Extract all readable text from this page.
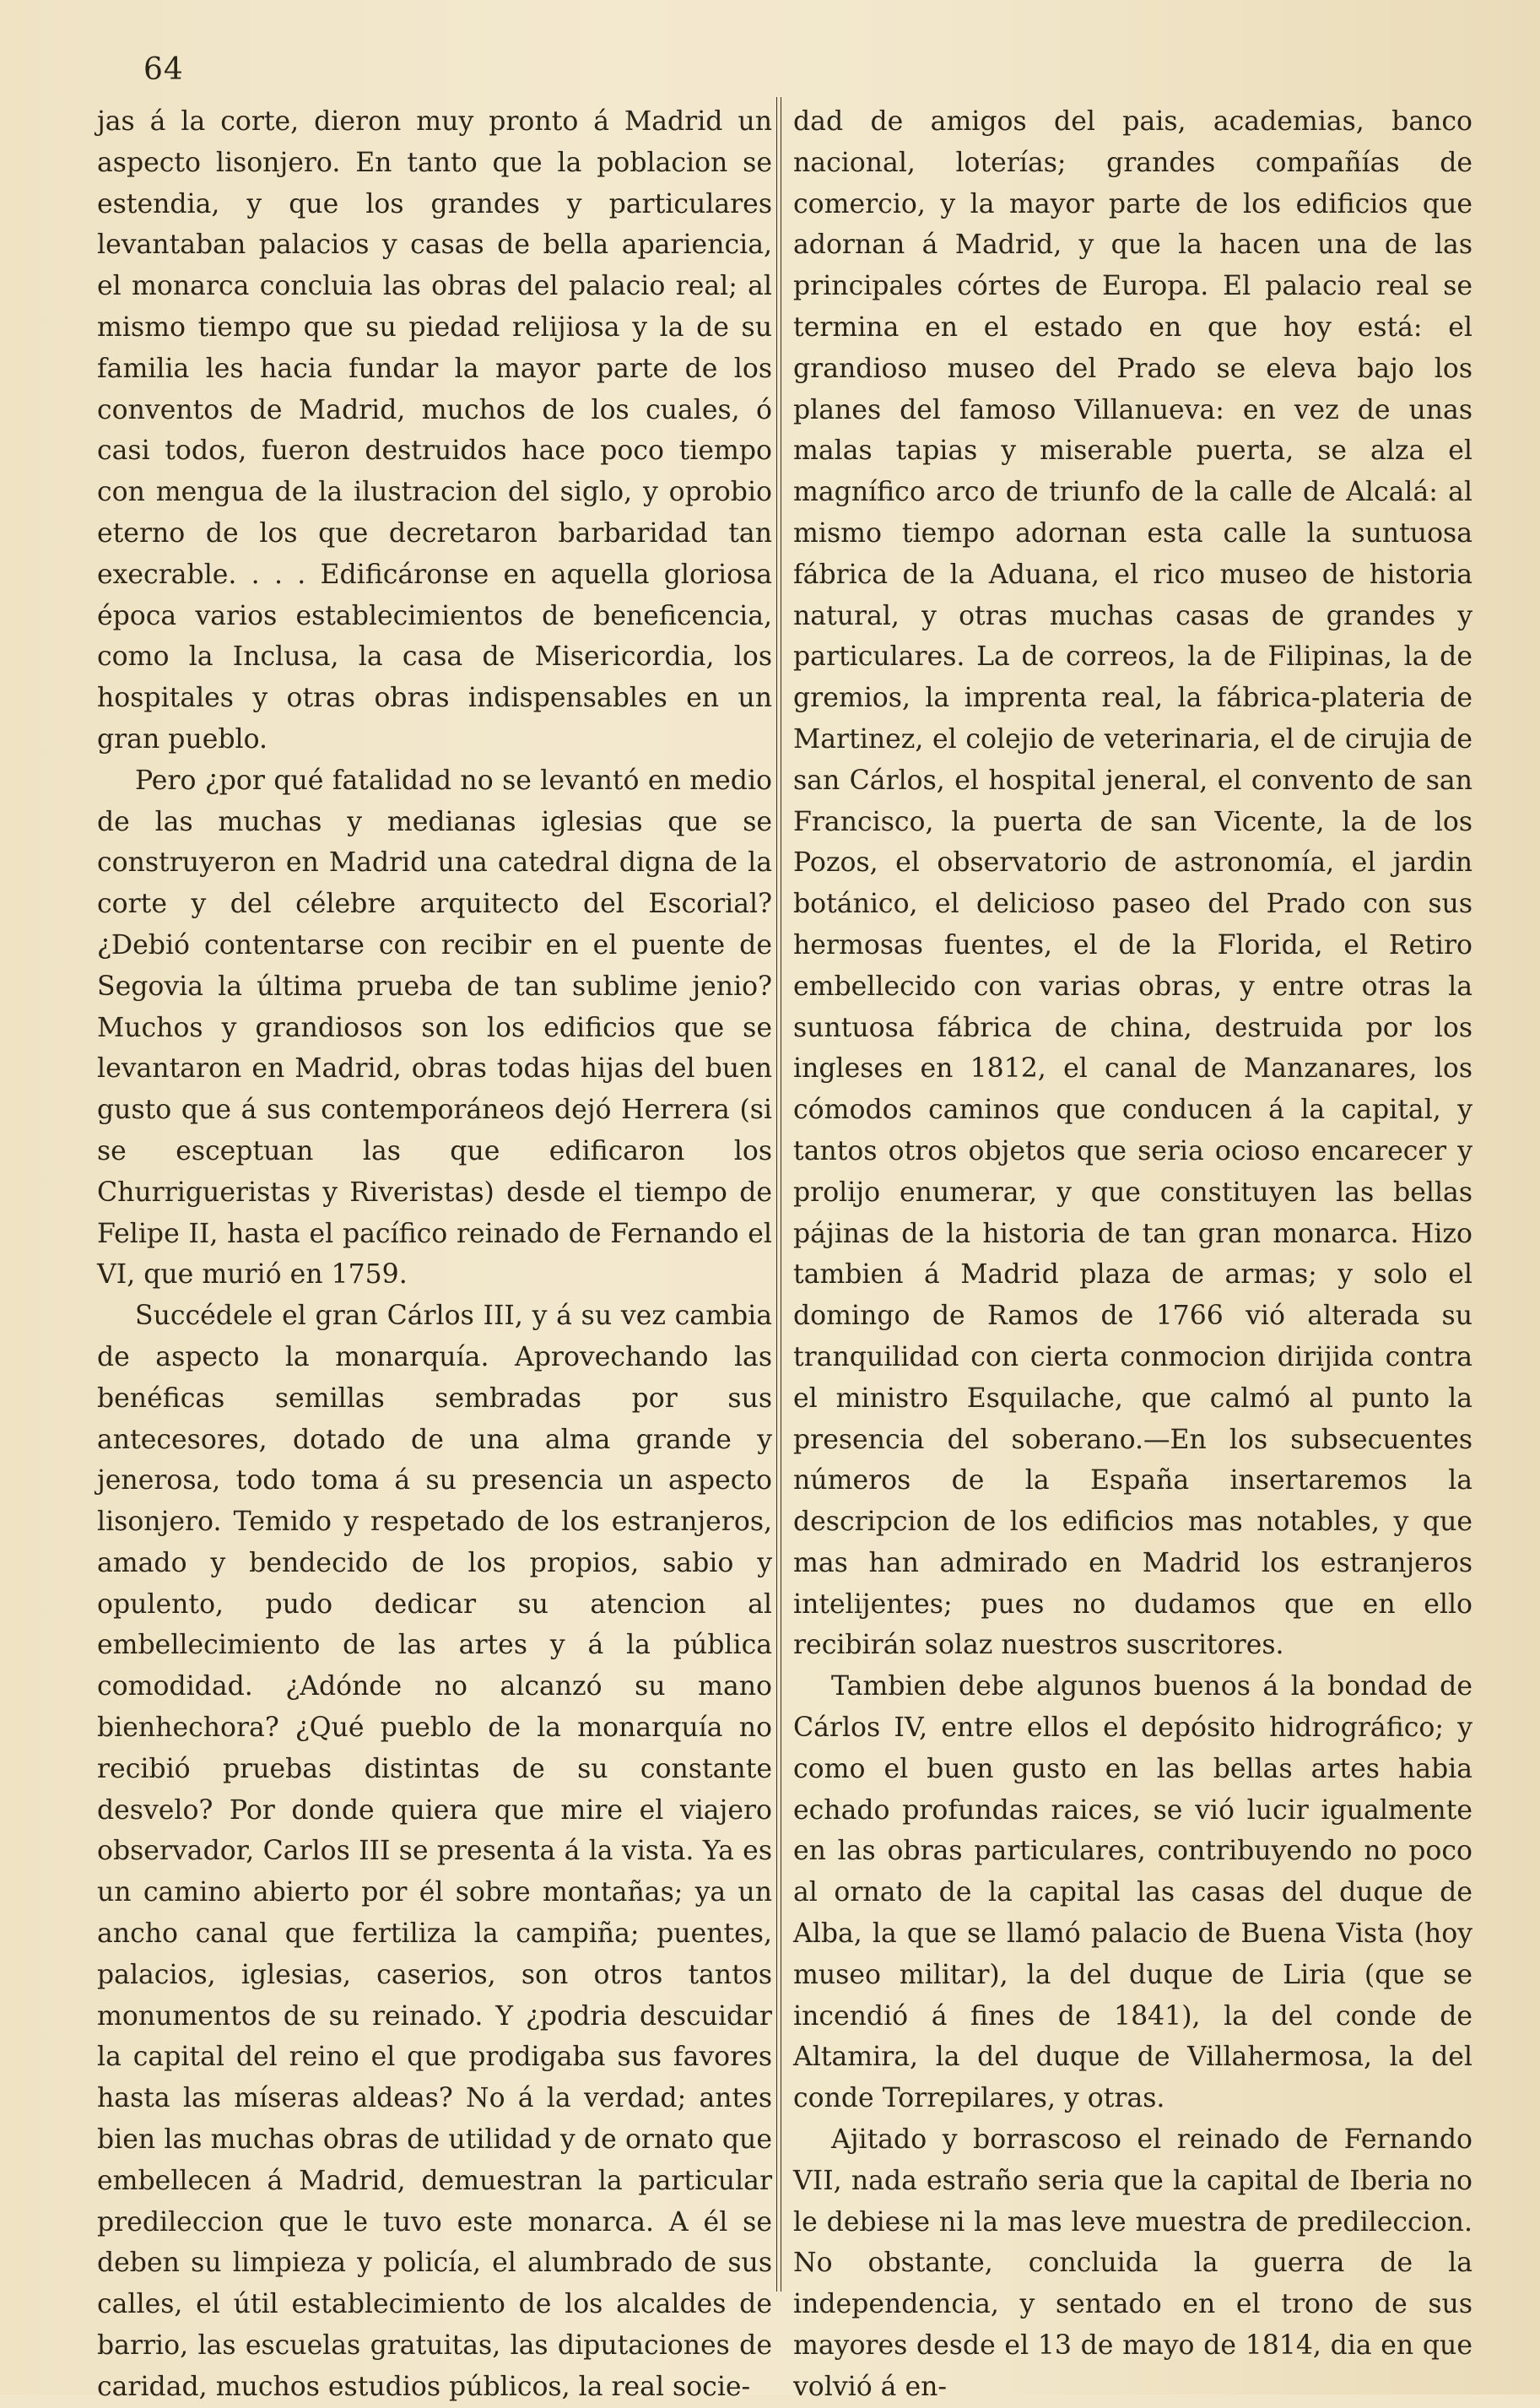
64

jas á la corte, dieron muy pronto á Madrid un aspecto lisonjero. En tanto que la poblacion se estendia, y que los grandes y particulares levantaban palacios y casas de bella apariencia, el monarca concluia las obras del palacio real; al mismo tiempo que su piedad relijiosa y la de su familia les hacia fundar la mayor parte de los conventos de Madrid, muchos de los cuales, ó casi todos, fueron destruidos hace poco tiempo con mengua de la ilustracion del siglo, y oprobio eterno de los que decretaron barbaridad tan execrable. . . . Edificáronse en aquella gloriosa época varios establecimientos de beneficencia, como la Inclusa, la casa de Misericordia, los hospitales y otras obras indispensables en un gran pueblo.

Pero ¿por qué fatalidad no se levantó en medio de las muchas y medianas iglesias que se construyeron en Madrid una catedral digna de la corte y del célebre arquitecto del Escorial? ¿Debió contentarse con recibir en el puente de Segovia la última prueba de tan sublime jenio? Muchos y grandiosos son los edificios que se levantaron en Madrid, obras todas hijas del buen gusto que á sus contemporáneos dejó Herrera (si se esceptuan las que edificaron los Churrigueristas y Riveristas) desde el tiempo de Felipe II, hasta el pacífico reinado de Fernando el VI, que murió en 1759.

Succédele el gran Cárlos III, y á su vez cambia de aspecto la monarquía. Aprovechando las benéficas semillas sembradas por sus antecesores, dotado de una alma grande y jenerosa, todo toma á su presencia un aspecto lisonjero. Temido y respetado de los estranjeros, amado y bendecido de los propios, sabio y opulento, pudo dedicar su atencion al embellecimiento de las artes y á la pública comodidad. ¿Adónde no alcanzó su mano bienhechora? ¿Qué pueblo de la monarquía no recibió pruebas distintas de su constante desvelo? Por donde quiera que mire el viajero observador, Carlos III se presenta á la vista. Ya es un camino abierto por él sobre montañas; ya un ancho canal que fertiliza la campiña; puentes, palacios, iglesias, caserios, son otros tantos monumentos de su reinado. Y ¿podria descuidar la capital del reino el que prodigaba sus favores hasta las míseras aldeas? No á la verdad; antes bien las muchas obras de utilidad y de ornato que embellecen á Madrid, demuestran la particular predileccion que le tuvo este monarca. A él se deben su limpieza y policía, el alumbrado de sus calles, el útil establecimiento de los alcaldes de barrio, las escuelas gratuitas, las diputaciones de caridad, muchos estudios públicos, la real socie-

dad de amigos del pais, academias, banco nacional, loterías; grandes compañías de comercio, y la mayor parte de los edificios que adornan á Madrid, y que la hacen una de las principales córtes de Europa. El palacio real se termina en el estado en que hoy está: el grandioso museo del Prado se eleva bajo los planes del famoso Villanueva: en vez de unas malas tapias y miserable puerta, se alza el magnífico arco de triunfo de la calle de Alcalá: al mismo tiempo adornan esta calle la suntuosa fábrica de la Aduana, el rico museo de historia natural, y otras muchas casas de grandes y particulares. La de correos, la de Filipinas, la de gremios, la imprenta real, la fábrica-plateria de Martinez, el colejio de veterinaria, el de cirujia de san Cárlos, el hospital jeneral, el convento de san Francisco, la puerta de san Vicente, la de los Pozos, el observatorio de astronomía, el jardin botánico, el delicioso paseo del Prado con sus hermosas fuentes, el de la Florida, el Retiro embellecido con varias obras, y entre otras la suntuosa fábrica de china, destruida por los ingleses en 1812, el canal de Manzanares, los cómodos caminos que conducen á la capital, y tantos otros objetos que seria ocioso encarecer y prolijo enumerar, y que constituyen las bellas pájinas de la historia de tan gran monarca. Hizo tambien á Madrid plaza de armas; y solo el domingo de Ramos de 1766 vió alterada su tranquilidad con cierta conmocion dirijida contra el ministro Esquilache, que calmó al punto la presencia del soberano.—En los subsecuentes números de la España insertaremos la descripcion de los edificios mas notables, y que mas han admirado en Madrid los estranjeros intelijentes; pues no dudamos que en ello recibirán solaz nuestros suscritores.

Tambien debe algunos buenos á la bondad de Cárlos IV, entre ellos el depósito hidrográfico; y como el buen gusto en las bellas artes habia echado profundas raices, se vió lucir igualmente en las obras particulares, contribuyendo no poco al ornato de la capital las casas del duque de Alba, la que se llamó palacio de Buena Vista (hoy museo militar), la del duque de Liria (que se incendió á fines de 1841), la del conde de Altamira, la del duque de Villahermosa, la del conde Torrepilares, y otras.

Ajitado y borrascoso el reinado de Fernando VII, nada estraño seria que la capital de Iberia no le debiese ni la mas leve muestra de predileccion. No obstante, concluida la guerra de la independencia, y sentado en el trono de sus mayores desde el 13 de mayo de 1814, dia en que volvió á en-
